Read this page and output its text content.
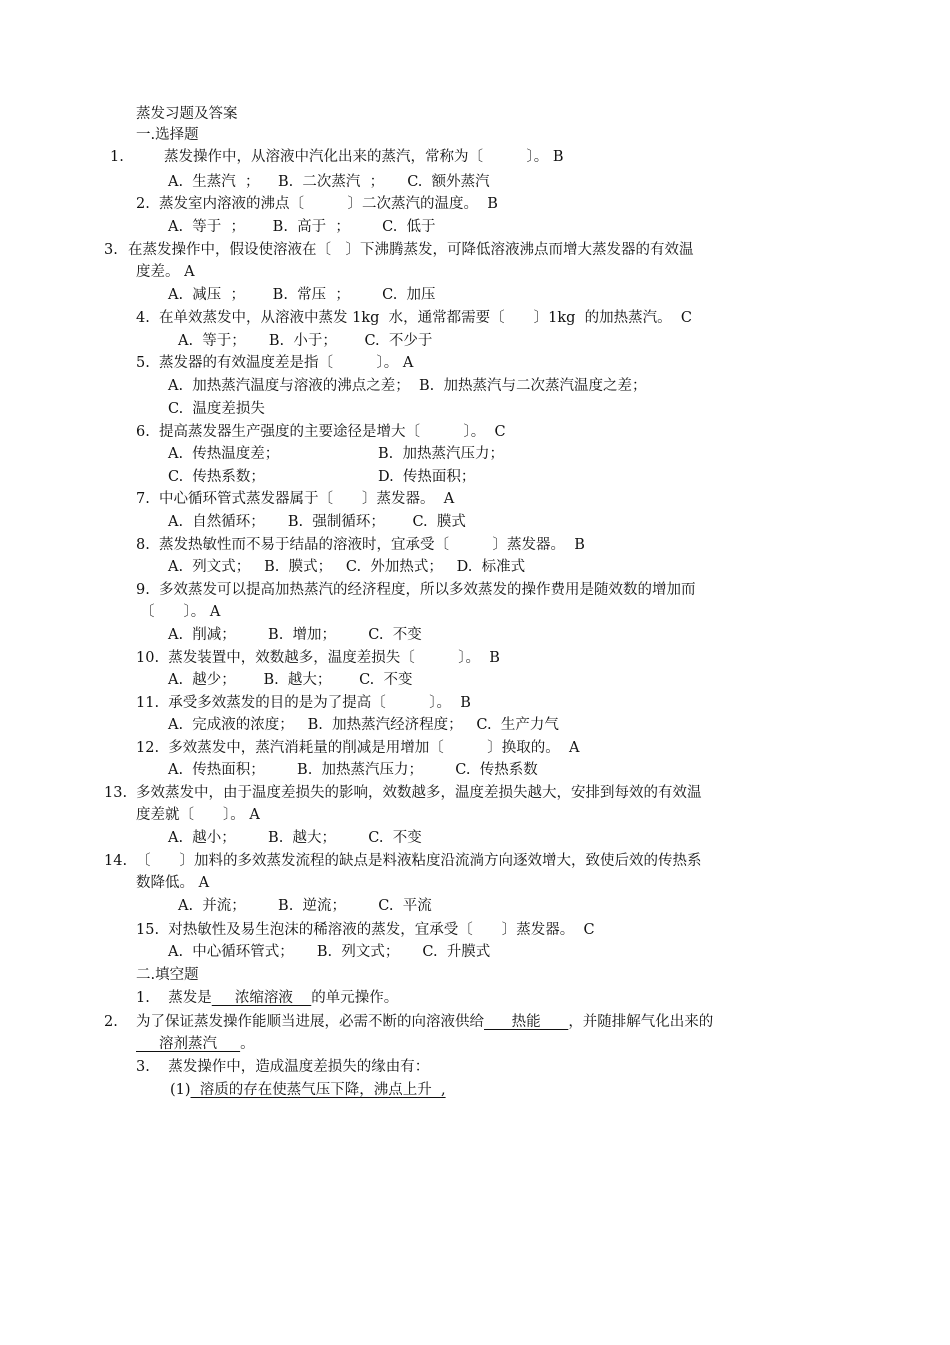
蒸发习题及答案
一.选择题
1.	蒸发操作中，从溶液中汽化出来的蒸汽，常称为〔　　　〕。 B
A.  生蒸汽  ；    B.  二次蒸汽  ；     C.  额外蒸汽
2.  蒸发室内溶液的沸点〔　　　〕二次蒸汽的温度。  B
A.  等于  ；      B.  高于  ；       C.  低于
3. 在蒸发操作中，假设使溶液在〔　〕下沸腾蒸发，可降低溶液沸点而增大蒸发器的有效温
度差。 A
A.  减压  ；      B.  常压  ；       C.  加压
4.  在单效蒸发中，从溶液中蒸发 1kg  水，通常都需要〔　　〕1kg  的加热蒸汽。  C
A.  等于；     B.  小于；      C.  不少于
5.  蒸发器的有效温度差是指〔　　　〕。 A
A.  加热蒸汽温度与溶液的沸点之差；  B.  加热蒸汽与二次蒸汽温度之差；
C.  温度差损失
6.  提高蒸发器生产强度的主要途径是增大〔　　　〕。  C
A.  传热温度差；	B.  加热蒸汽压力；
C.  传热系数；	D.  传热面积；
7.  中心循环管式蒸发器属于〔　　〕蒸发器。  A
A.  自然循环；     B.  强制循环；      C.  膜式
8.  蒸发热敏性而不易于结晶的溶液时，宜承受〔　　　〕蒸发器。  B
A.  列文式；   B.  膜式；   C.  外加热式；   D.  标准式
9.  多效蒸发可以提高加热蒸汽的经济程度，所以多效蒸发的操作费用是随效数的增加而
〔　　〕。 A
A.  削减；       B.  增加；       C.  不变
10.  蒸发装置中，效数越多，温度差损失〔　　　〕。  B
A.  越少；      B.  越大；      C.  不变
11.  承受多效蒸发的目的是为了提高〔　　　〕。  B
A.  完成液的浓度；   B.  加热蒸汽经济程度；   C.  生产力气
12.  多效蒸发中，蒸汽消耗量的削减是用增加〔　　　〕换取的。  A
A.  传热面积；       B.  加热蒸汽压力；       C.  传热系数
13. 多效蒸发中，由于温度差损失的影响，效数越多，温度差损失越大，安排到每效的有效温
度差就〔　　〕。 A
A.  越小；       B.  越大；       C.  不变
14. 〔　　〕加料的多效蒸发流程的缺点是料液粘度沿流淌方向逐效增大，致使后效的传热系
数降低。 A
A.  并流；       B.  逆流；       C.  平流
15.  对热敏性及易生泡沫的稀溶液的蒸发，宜承受〔　　〕蒸发器。  C
A.  中心循环管式；     B.  列文式；     C.  升膜式
二.填空题
1.    蒸发是     浓缩溶液    的单元操作。
2. 为了保证蒸发操作能顺当进展，必需不断的向溶液供给      热能      ，并随排解气化出来的
溶剂蒸汽     。
3.    蒸发操作中，造成温度差损失的缘由有：
(1)  溶质的存在使蒸气压下降，沸点上升  ,
